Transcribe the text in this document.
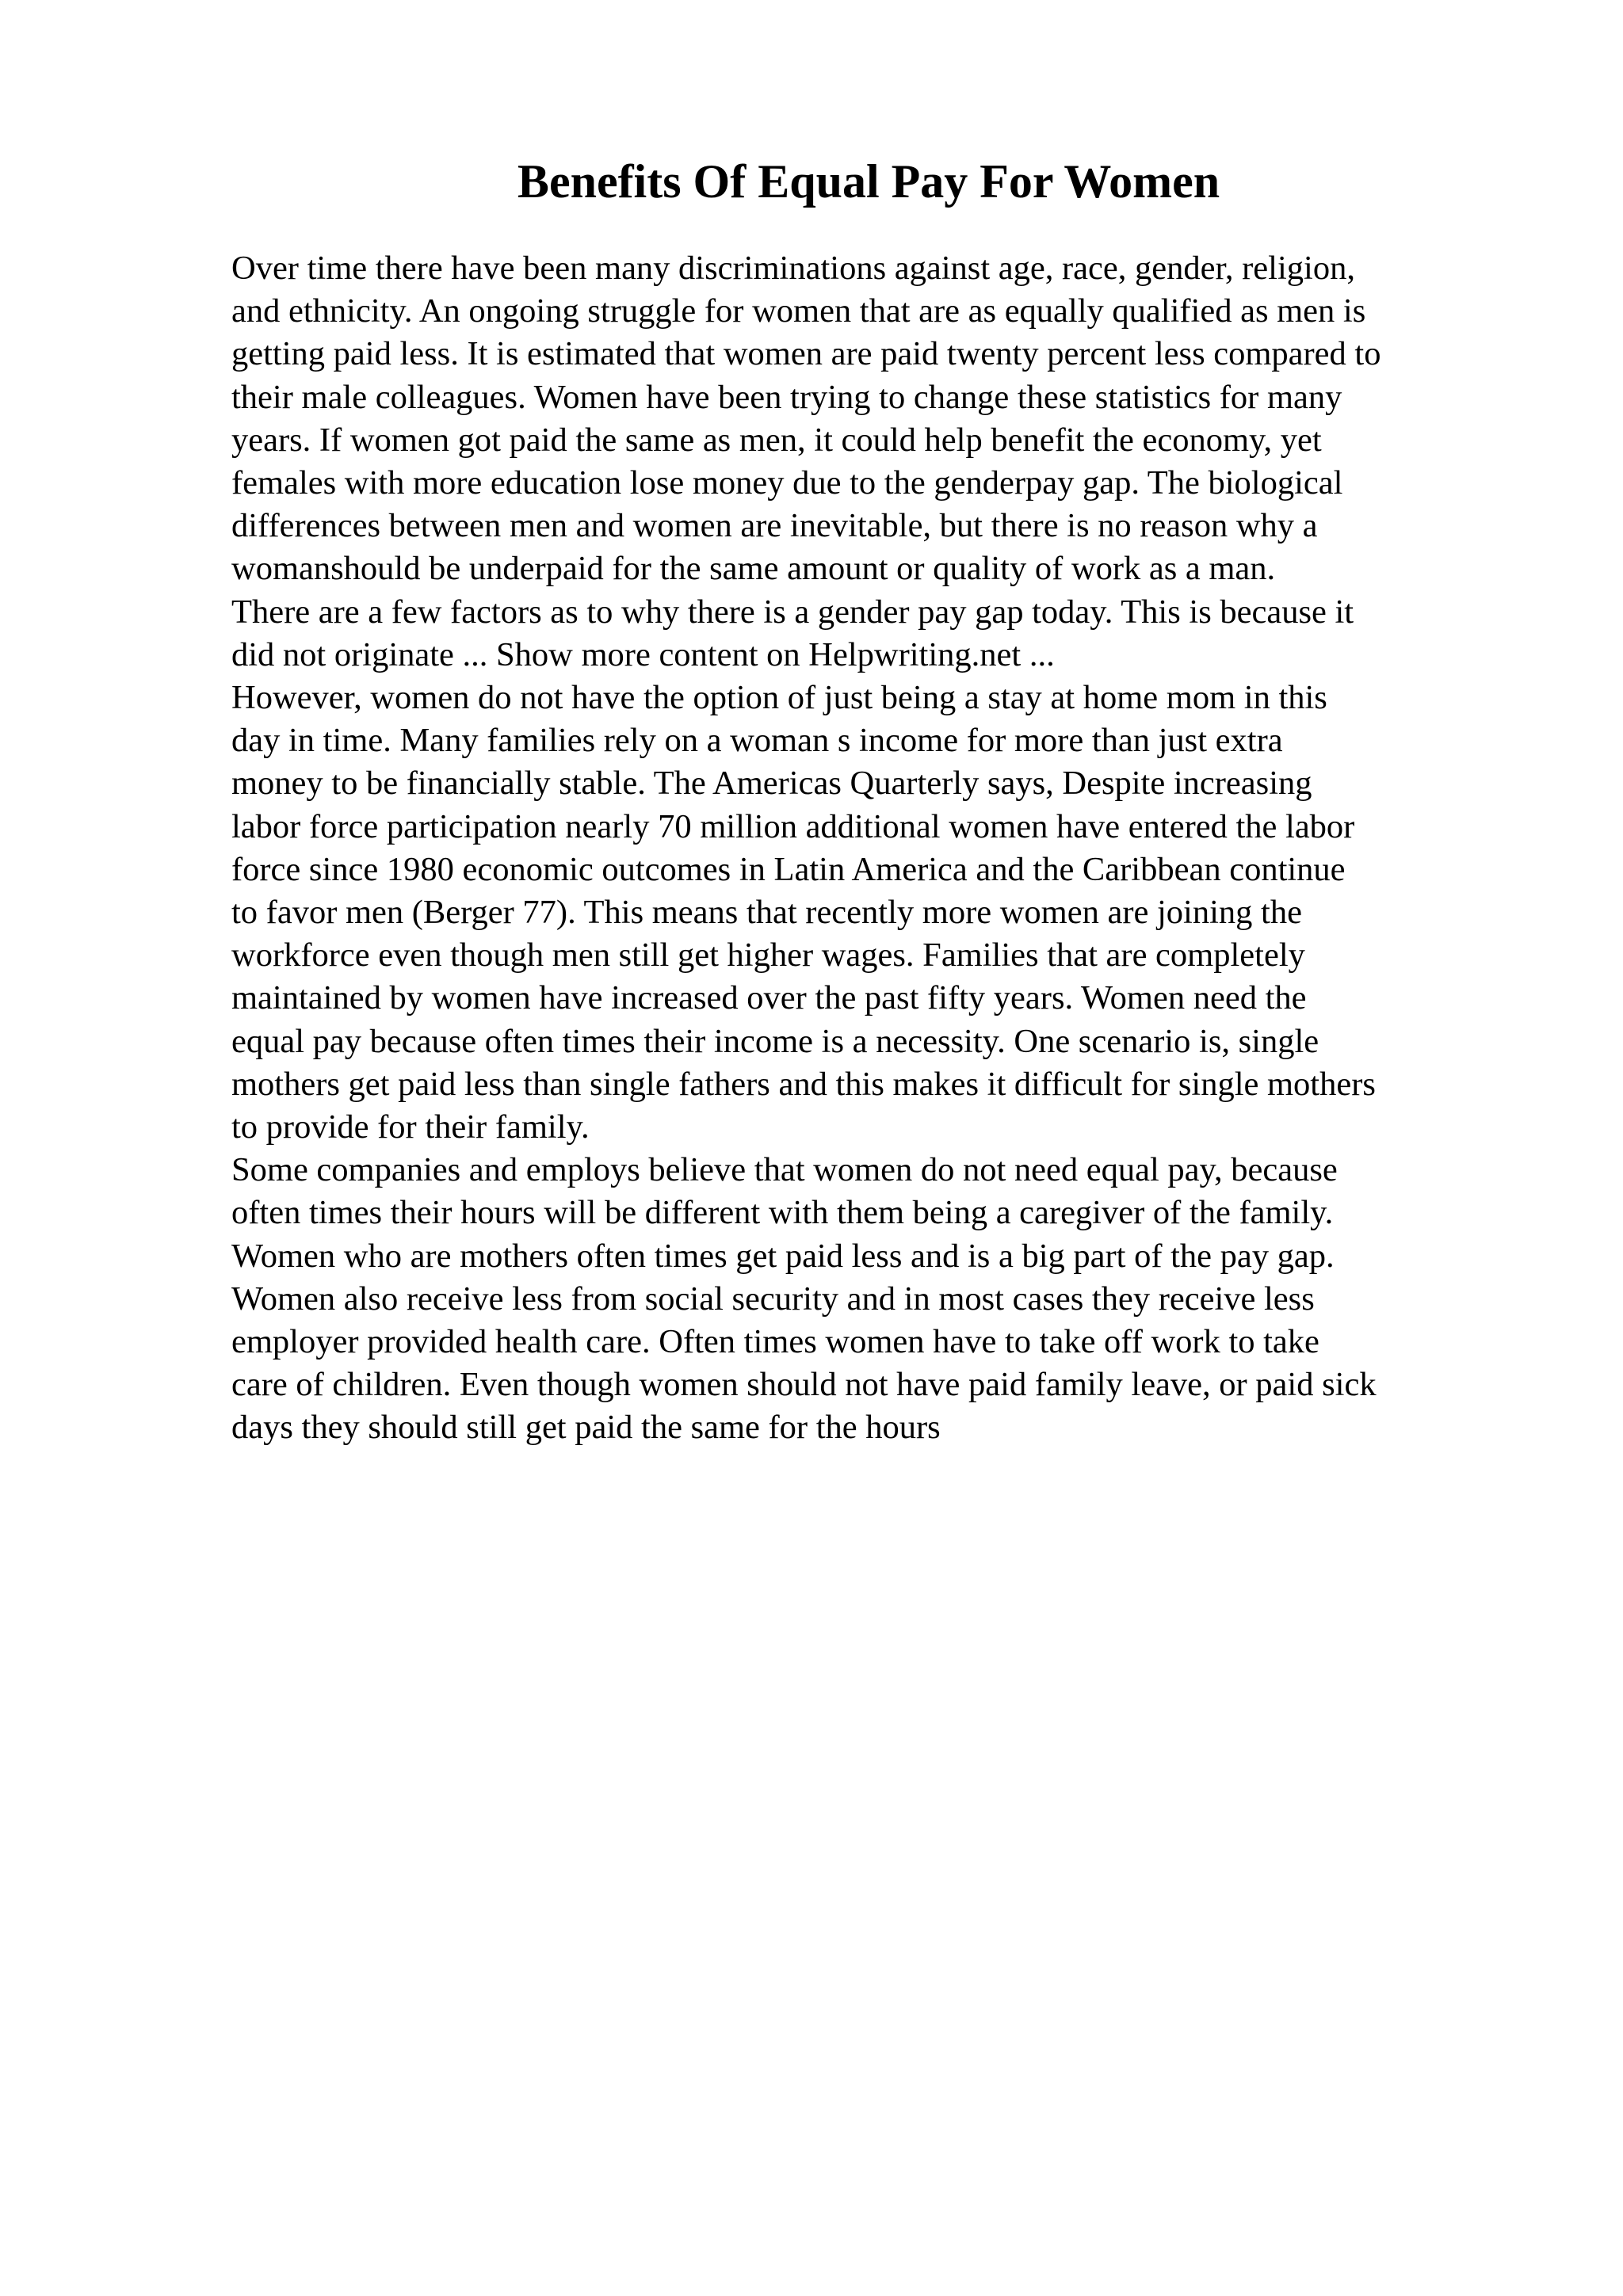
Benefits Of Equal Pay For Women
Over time there have been many discriminations against age, race, gender, religion,
and ethnicity. An ongoing struggle for women that are as equally qualified as men is
getting paid less. It is estimated that women are paid twenty percent less compared to
their male colleagues. Women have been trying to change these statistics for many
years. If women got paid the same as men, it could help benefit the economy, yet
females with more education lose money due to the genderpay gap. The biological
differences between men and women are inevitable, but there is no reason why a
womanshould be underpaid for the same amount or quality of work as a man.
There are a few factors as to why there is a gender pay gap today. This is because it
did not originate ... Show more content on Helpwriting.net ...
However, women do not have the option of just being a stay at home mom in this
day in time. Many families rely on a woman s income for more than just extra
money to be financially stable. The Americas Quarterly says, Despite increasing
labor force participation nearly 70 million additional women have entered the labor
force since 1980 economic outcomes in Latin America and the Caribbean continue
to favor men (Berger 77). This means that recently more women are joining the
workforce even though men still get higher wages. Families that are completely
maintained by women have increased over the past fifty years. Women need the
equal pay because often times their income is a necessity. One scenario is, single
mothers get paid less than single fathers and this makes it difficult for single mothers
to provide for their family.
Some companies and employs believe that women do not need equal pay, because
often times their hours will be different with them being a caregiver of the family.
Women who are mothers often times get paid less and is a big part of the pay gap.
Women also receive less from social security and in most cases they receive less
employer provided health care. Often times women have to take off work to take
care of children. Even though women should not have paid family leave, or paid sick
days they should still get paid the same for the hours
